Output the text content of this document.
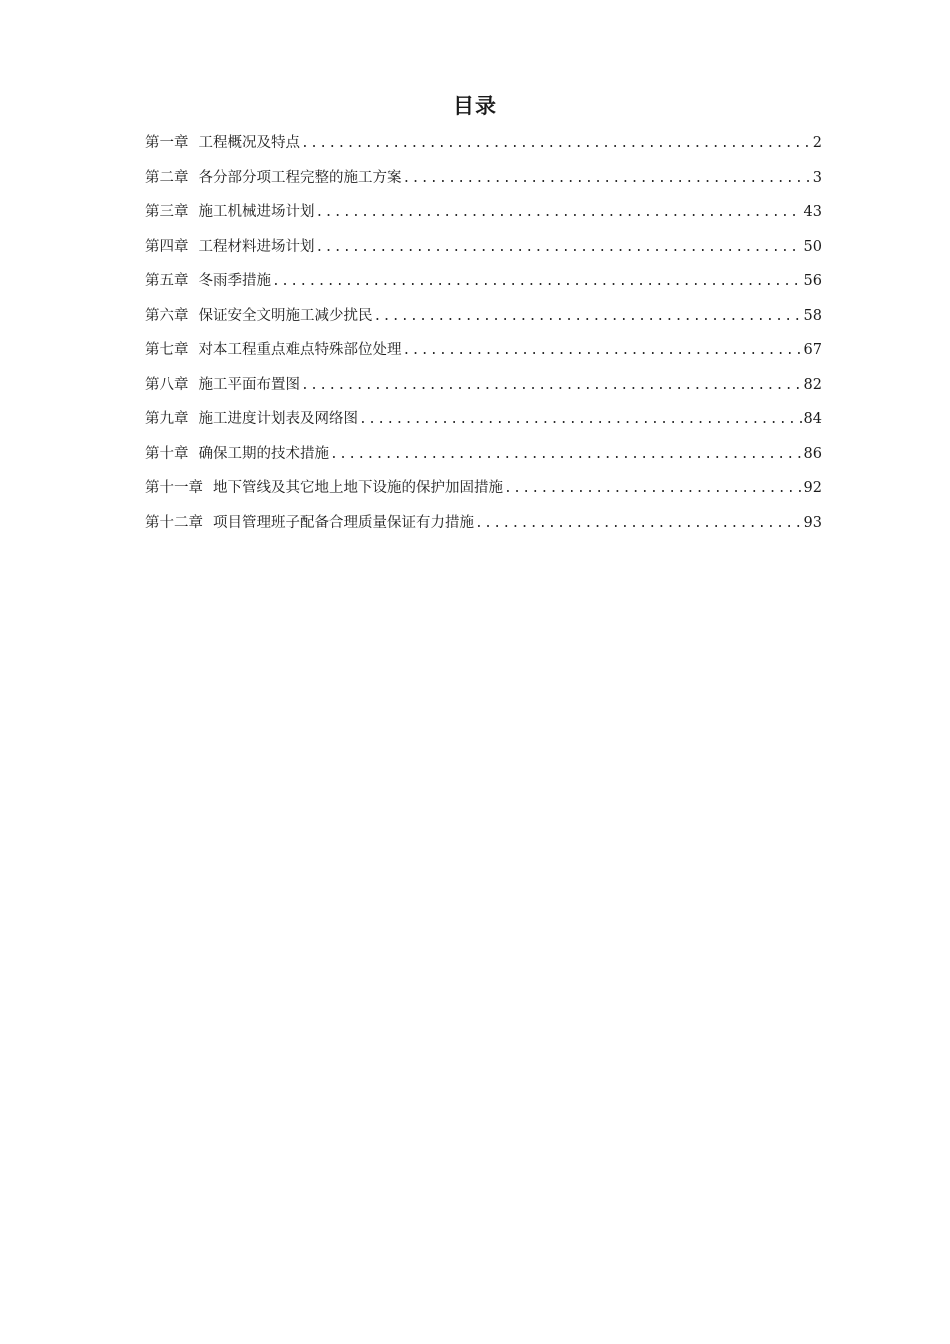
目录
第一章 工程概况及特点 .....	2
第二章 各分部分项工程完整的施工方案 .....	3
第三章 施工机械进场计划 .....	43
第四章 工程材料进场计划 .....	50
第五章 冬雨季措施 .....	56
第六章 保证安全文明施工减少扰民 .....	58
第七章 对本工程重点难点特殊部位处理 .....	67
第八章 施工平面布置图 .....	82
第九章 施工进度计划表及网络图 .....	84
第十章 确保工期的技术措施 .....	86
第十一章 地下管线及其它地上地下设施的保护加固措施 .....	92
第十二章 项目管理班子配备合理质量保证有力措施 .....	93
